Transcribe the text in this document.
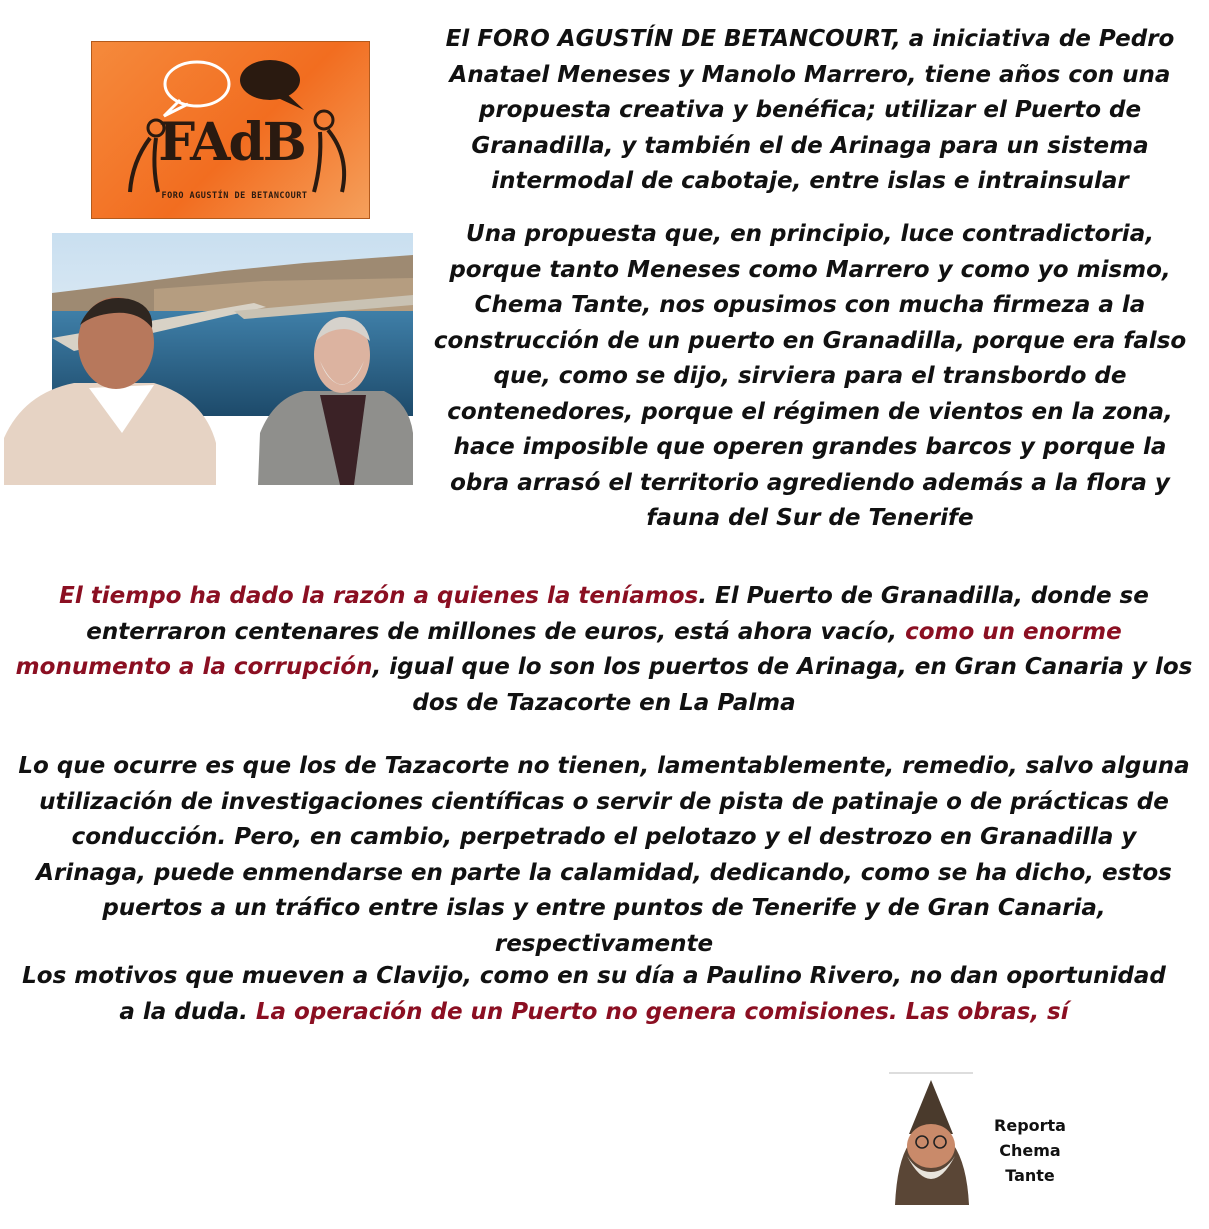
FAdB
FORO AGUSTÍN DE BETANCOURT

El FORO AGUSTÍN DE BETANCOURT, a iniciativa de Pedro Anatael Meneses y Manolo Marrero, tiene años con una propuesta creativa y benéfica; utilizar el Puerto de Granadilla, y también el de Arinaga para un sistema intermodal de cabotaje, entre islas e intrainsular

Una propuesta que, en principio, luce contradictoria, porque tanto Meneses como Marrero y como yo mismo, Chema Tante, nos opusimos con mucha firmeza a la construcción de un puerto en Granadilla, porque era falso que, como se dijo, sirviera para el transbordo de contenedores, porque el régimen de vientos en la zona, hace imposible que operen grandes barcos y porque la obra arrasó el territorio agrediendo además a la flora y fauna del Sur de Tenerife

El tiempo ha dado la razón a quienes la teníamos. El Puerto de Granadilla, donde se enterraron centenares de millones de euros, está ahora vacío, como un enorme monumento a la corrupción, igual que lo son los puertos de Arinaga, en Gran Canaria y los dos de Tazacorte en La Palma

Lo que ocurre es que los de Tazacorte no tienen, lamentablemente, remedio, salvo alguna utilización de investigaciones científicas o servir de pista de patinaje o de prácticas de conducción. Pero, en cambio, perpetrado el pelotazo y el destrozo en Granadilla y Arinaga, puede enmendarse en parte la calamidad, dedicando, como se ha dicho, estos puertos a un tráfico entre islas y entre puntos de Tenerife y de Gran Canaria, respectivamente

Los motivos que mueven a Clavijo, como en su día a Paulino Rivero, no dan oportunidad a la duda. La operación de un Puerto no genera comisiones. Las obras, sí

Reporta
Chema
Tante
